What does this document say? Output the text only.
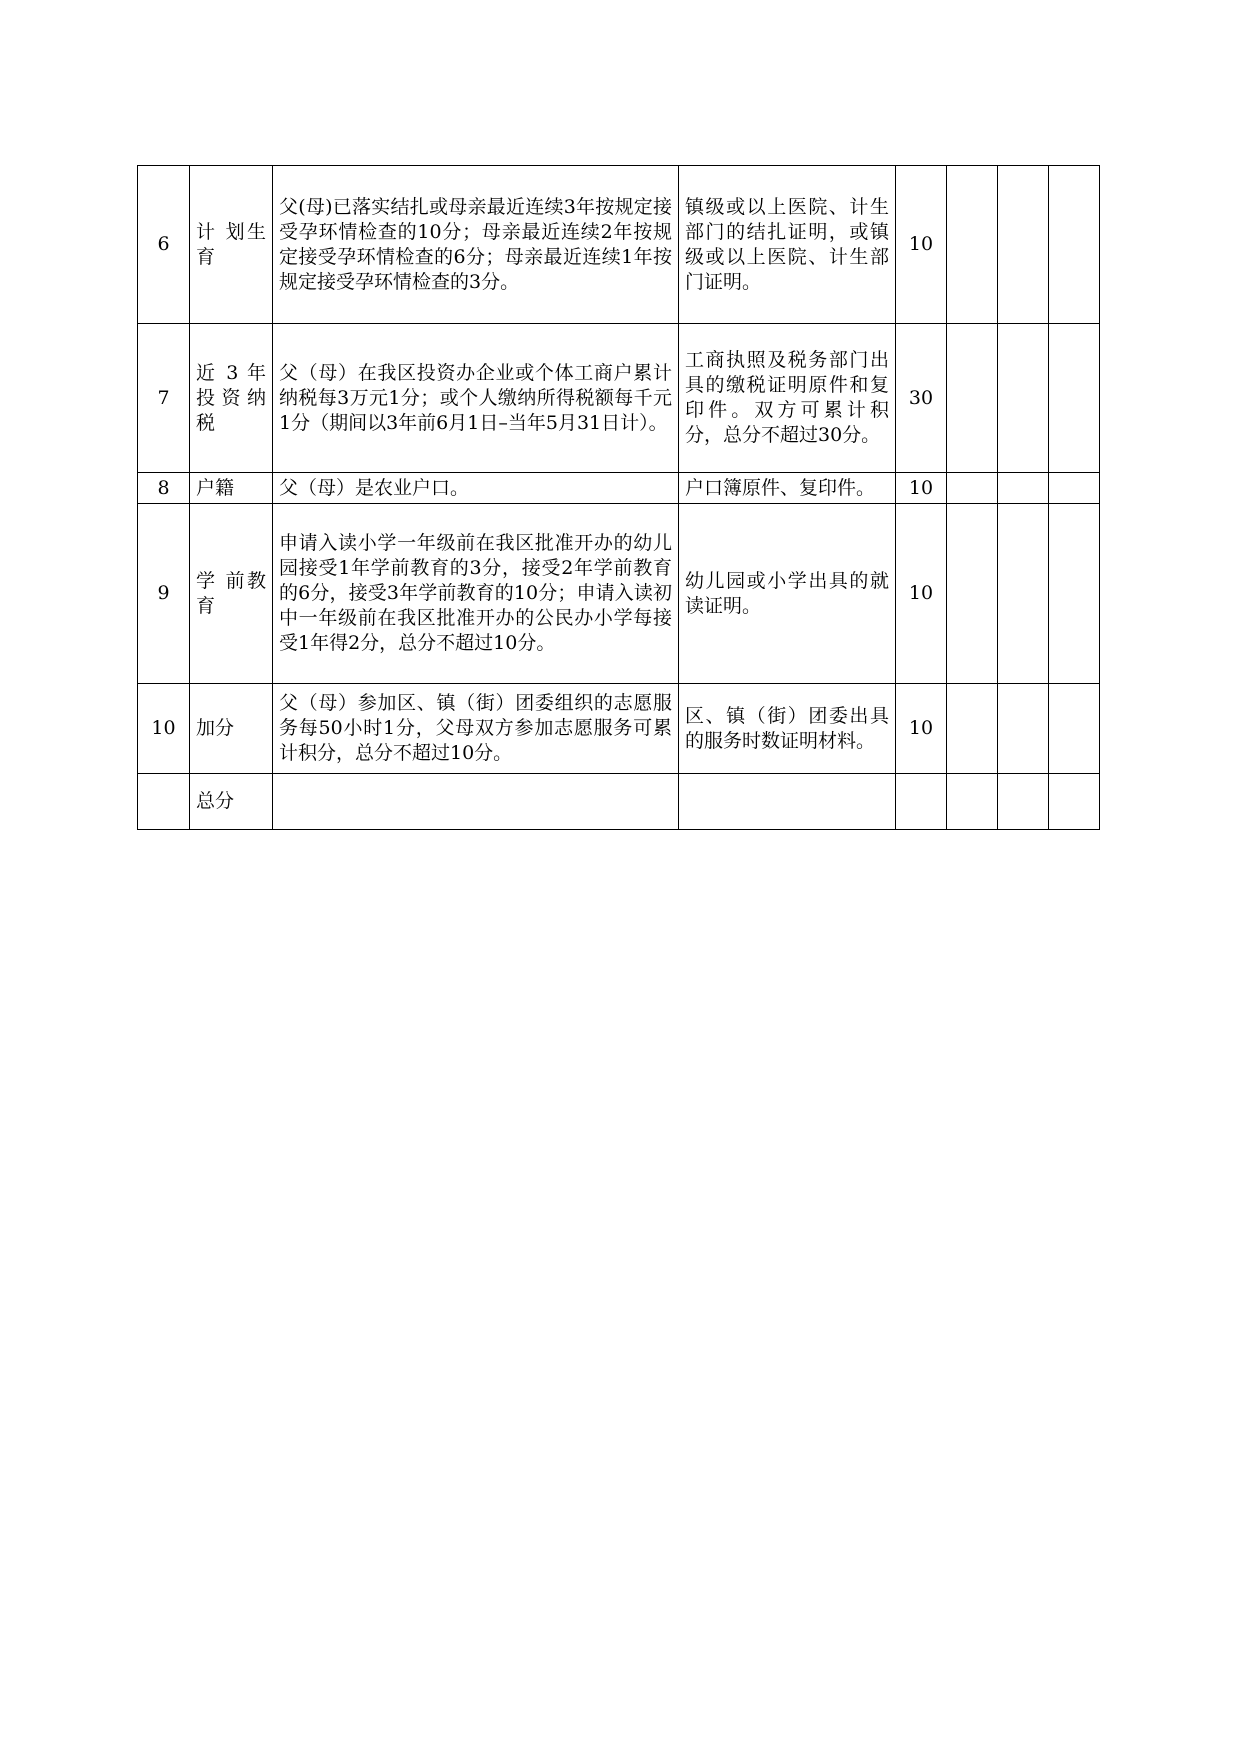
6	计 划生育	父(母)已落实结扎或母亲最近连续3年按规定接受孕环情检查的10分；母亲最近连续2年按规定接受孕环情检查的6分；母亲最近连续1年按规定接受孕环情检查的3分。	镇级或以上医院、计生部门的结扎证明，或镇级或以上医院、计生部门证明。	10			
7	近 3 年投资纳税	父（母）在我区投资办企业或个体工商户累计纳税每3万元1分；或个人缴纳所得税额每千元1分（期间以3年前6月1日–当年5月31日计）。	工商执照及税务部门出具的缴税证明原件和复印件。双方可累计积分，总分不超过30分。	30			
8	户籍	父（母）是农业户口。	户口簿原件、复印件。	10			
9	学 前教育	申请入读小学一年级前在我区批准开办的幼儿园接受1年学前教育的3分，接受2年学前教育的6分，接受3年学前教育的10分；申请入读初中一年级前在我区批准开办的公民办小学每接受1年得2分，总分不超过10分。	幼儿园或小学出具的就读证明。	10			
10	加分	父（母）参加区、镇（街）团委组织的志愿服务每50小时1分，父母双方参加志愿服务可累计积分，总分不超过10分。	区、镇（街）团委出具的服务时数证明材料。	10			
	总分						
